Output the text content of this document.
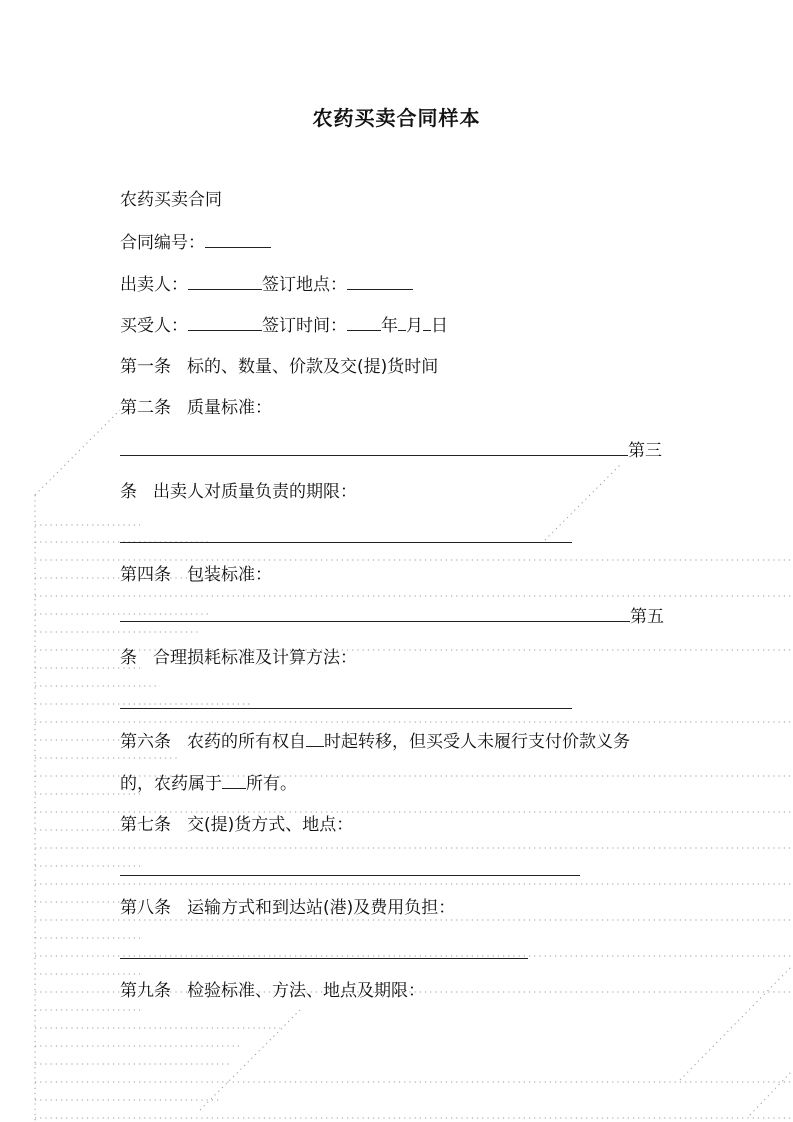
农药买卖合同样本

农药买卖合同

合同编号：

出卖人：	签订地点：

买受人：	签订时间： 年 月 日

第一条 标的、数量、价款及交(提)货时间

第二条 质量标准：

第三

条 出卖人对质量负责的期限：

第四条 包装标准：

第五

条 合理损耗标准及计算方法：

第六条 农药的所有权自 时起转移，但买受人未履行支付价款义务

的，农药属于 所有。

第七条 交(提)货方式、地点：

第八条 运输方式和到达站(港)及费用负担：

第九条 检验标准、方法、地点及期限：
